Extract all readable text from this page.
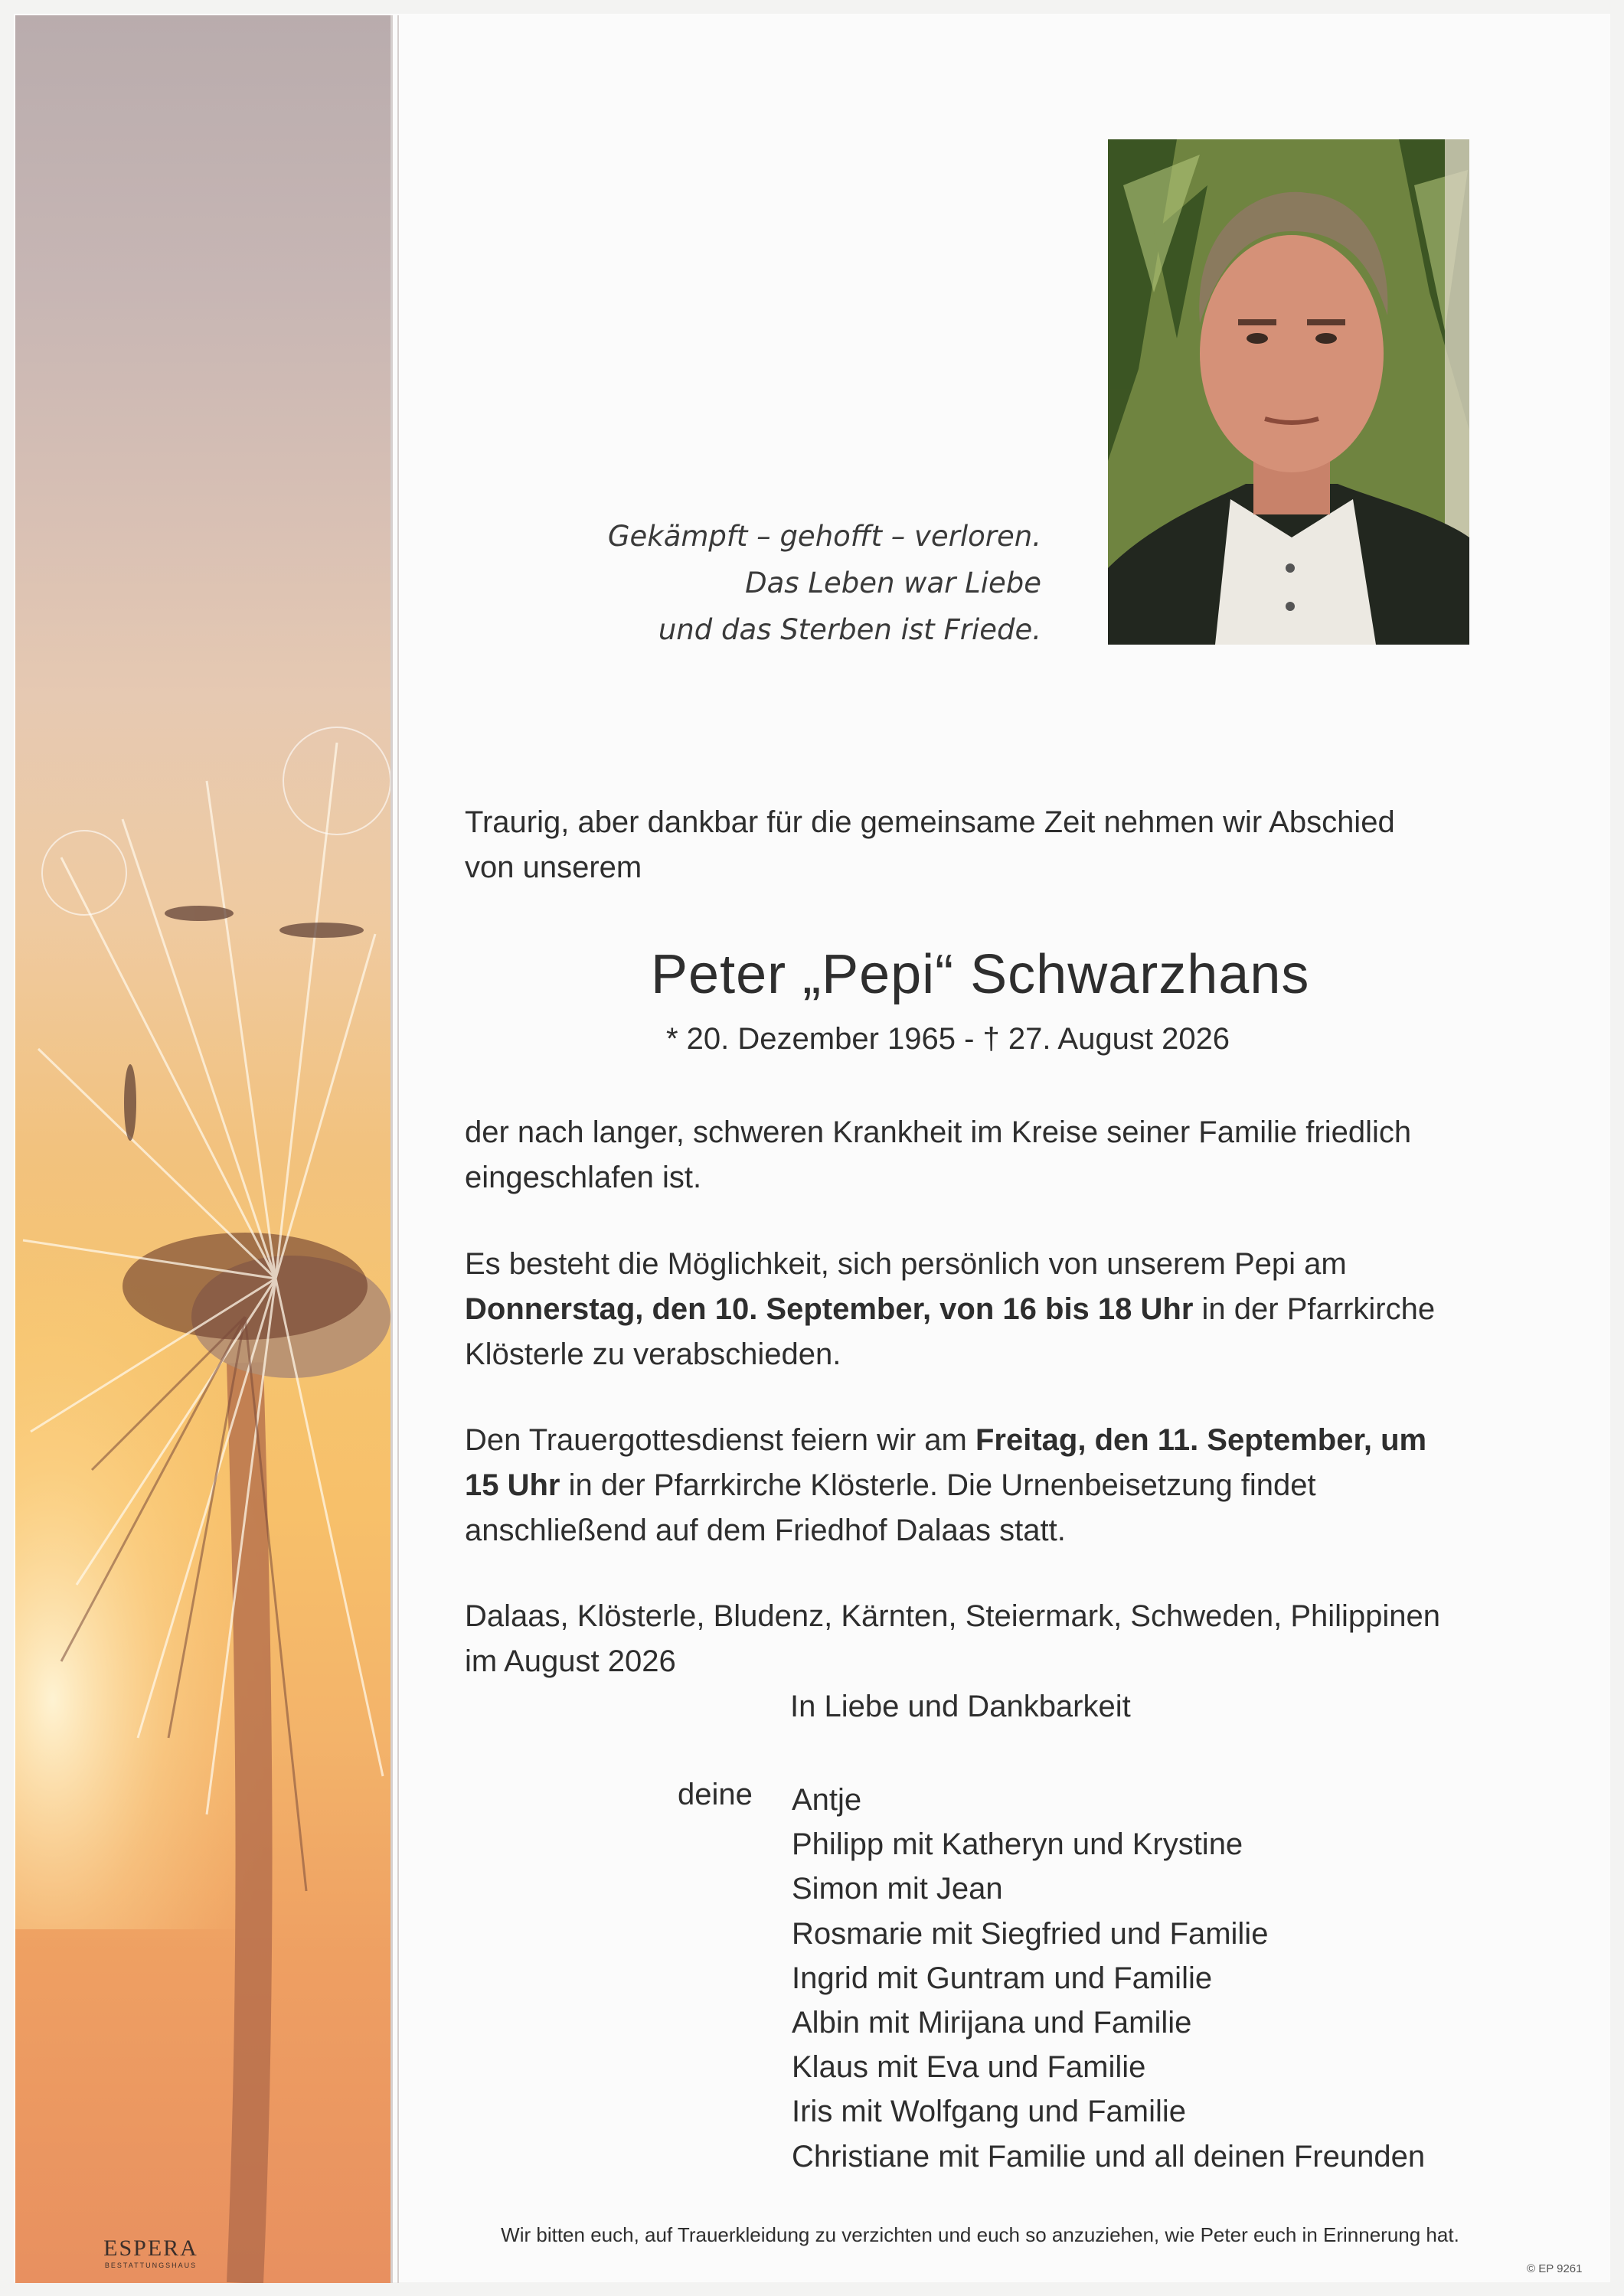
ESPERA
BESTATTUNGSHAUS
Gekämpft – gehofft – verloren.
Das Leben war Liebe
und das Sterben ist Friede.
Traurig, aber dankbar für die gemeinsame Zeit nehmen wir Abschied
von unserem
Peter „Pepi“ Schwarzhans
* 20. Dezember 1965 - † 27. August 2026
der nach langer, schweren Krankheit im Kreise seiner Familie friedlich
eingeschlafen ist.
Es besteht die Möglichkeit, sich persönlich von unserem Pepi am
Donnerstag, den 10. September, von 16 bis 18 Uhr in der Pfarrkirche
Klösterle zu verabschieden.
Den Trauergottesdienst feiern wir am Freitag, den 11. September, um
15 Uhr in der Pfarrkirche Klösterle. Die Urnenbeisetzung findet
anschließend auf dem Friedhof Dalaas statt.
Dalaas, Klösterle, Bludenz, Kärnten, Steiermark, Schweden, Philippinen
im August 2026
In Liebe und Dankbarkeit
deine Antje
Philipp mit Katheryn und Krystine
Simon mit Jean
Rosmarie mit Siegfried und Familie
Ingrid mit Guntram und Familie
Albin mit Mirijana und Familie
Klaus mit Eva und Familie
Iris mit Wolfgang und Familie
Christiane mit Familie und all deinen Freunden
Wir bitten euch, auf Trauerkleidung zu verzichten und euch so anzuziehen, wie Peter euch in Erinnerung hat.
© EP 9261
